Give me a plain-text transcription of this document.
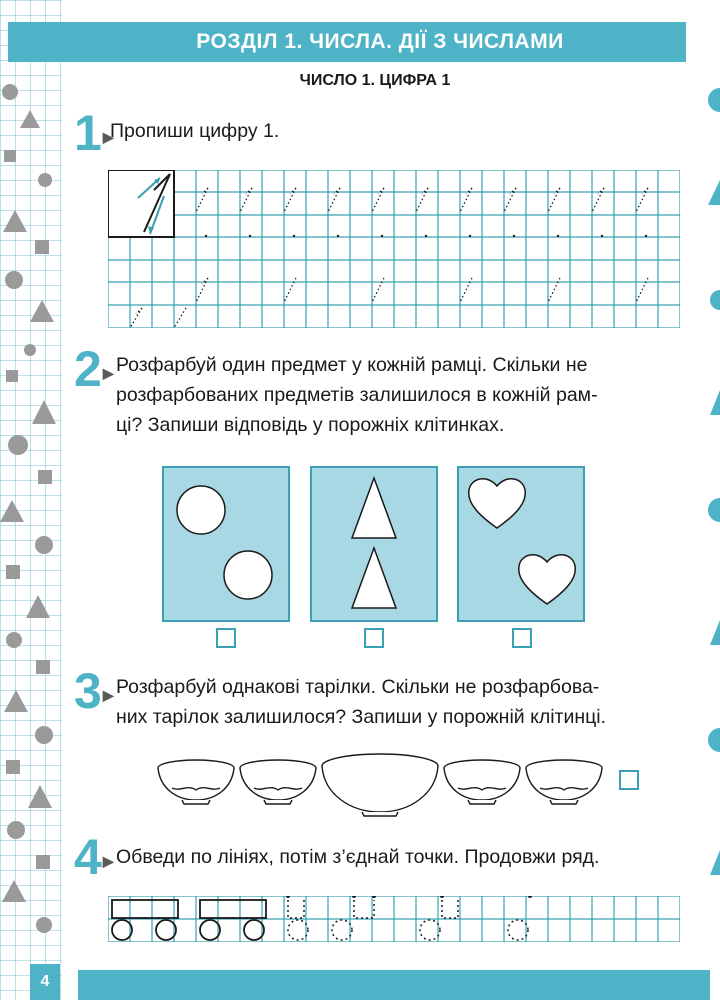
РОЗДІЛ 1. ЧИСЛА. ДІЇ З ЧИСЛАМИ
ЧИСЛО 1. ЦИФРА 1
1▶
Пропиши цифру 1.
2▶ Розфарбуй один предмет у кожній рамці. Скільки не
розфарбованих предметів залишилося в кожній рам-
ці? Запиши відповідь у порожніх клітинках.
3▶ Розфарбуй однакові тарілки. Скільки не розфарбова-
них тарілок залишилося? Запиши у порожній клітинці.
4▶ Обведи по лініях, потім з’єднай точки. Продовжи ряд.
4
